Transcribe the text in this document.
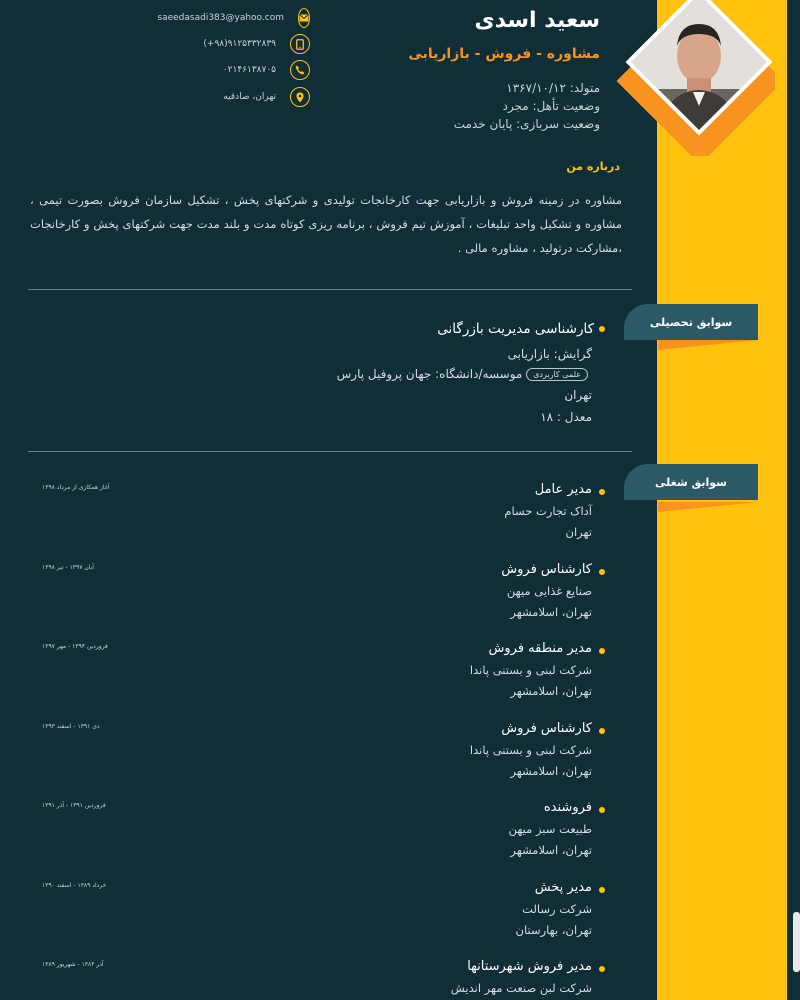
سعید اسدی
مشاوره - فروش - بازاریابی
متولد: ۱۳۶۷/۱۰/۱۲
وضعیت تأهل: مجرد
وضعیت سربازی: پایان خدمت
saeedasadi383@yahoo.com
(+۹۸)۹۱۲۵۳۳۲۸۳۹
۰۲۱۴۶۱۳۸۷۰۵
تهران، صادقیه
درباره من
مشاوره در زمینه فروش و بازاریابی جهت کارخانجات تولیدی و شرکتهای پخش ، تشکیل سازمان فروش بصورت تیمی ، مشاوره و تشکیل واحد تبلیغات ، آموزش تیم فروش ، برنامه ریزی کوتاه مدت و بلند مدت جهت شرکتهای پخش و کارخانجات ،مشارکت درتولید ، مشاوره مالی .
سوابق تحصیلی
کارشناسی مدیریت بازرگانی
گرایش: بازاریابی
موسسه/دانشگاه: جهان پروفیل پارس علمی کاربردی
تهران
معدل : ۱۸
سوابق شغلی
مدیر عامل
آداک تجارت حسام
تهران
آغاز همکاری از مرداد ۱۳۹۸
کارشناس فروش
صنایع غذایی میهن
تهران، اسلامشهر
آبان ۱۳۹۷ - تیر ۱۳۹۸
مدیر منطقه فروش
شرکت لبنی و بستنی پاندا
تهران، اسلامشهر
فروردین ۱۳۹۴ - مهر ۱۳۹۷
کارشناس فروش
شرکت لبنی و بستنی پاندا
تهران، اسلامشهر
دی ۱۳۹۱ - اسفند ۱۳۹۳
فروشنده
طبیعت سبز میهن
تهران، اسلامشهر
فروردین ۱۳۹۱ - آذر ۱۳۹۱
مدیر پخش
شرکت رسالت
تهران، بهارستان
خرداد ۱۳۸۹ - اسفند ۱۳۹۰
مدیر فروش شهرستانها
شرکت لبن صنعت مهر اندیش
آذر ۱۳۸۴ - شهریور ۱۳۸۹
